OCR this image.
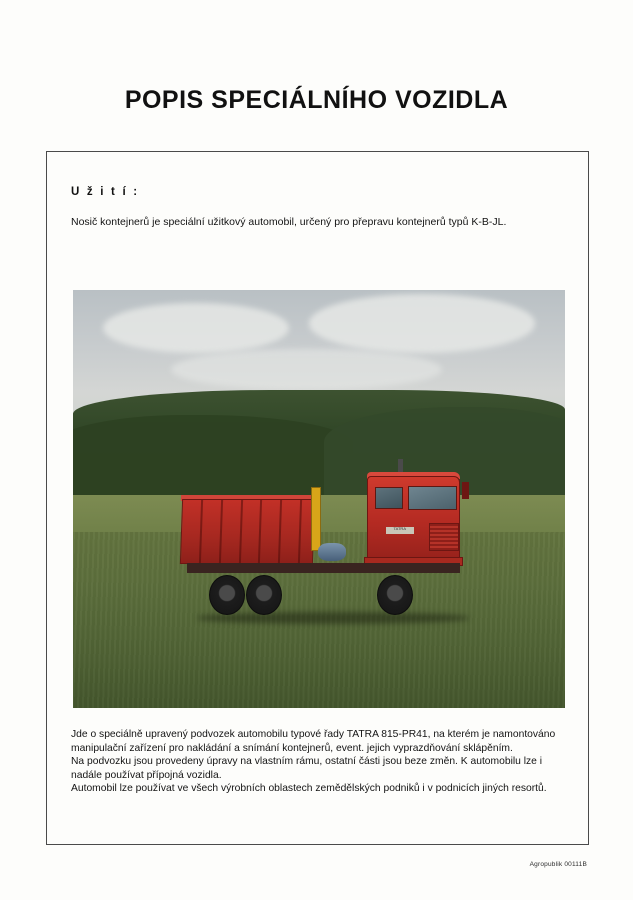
POPIS SPECIÁLNÍHO VOZIDLA
U ž i t í :
Nosič kontejnerů je speciální užitkový automobil, určený pro přepravu kontejnerů typů K-B-JL.
TATRA

Jde o speciálně upravený podvozek automobilu typové řady TATRA 815-PR41, na kterém je namontováno manipulační zařízení pro nakládání a snímání kontejnerů, event. jejich vyprazdňování sklápěním.

Na podvozku jsou provedeny úpravy na vlastním rámu, ostatní části jsou beze změn. K automobilu lze i nadále používat přípojná vozidla.

Automobil lze používat ve všech výrobních oblastech zemědělských podniků i v podnicích jiných resortů.

Agropublik 00111B
